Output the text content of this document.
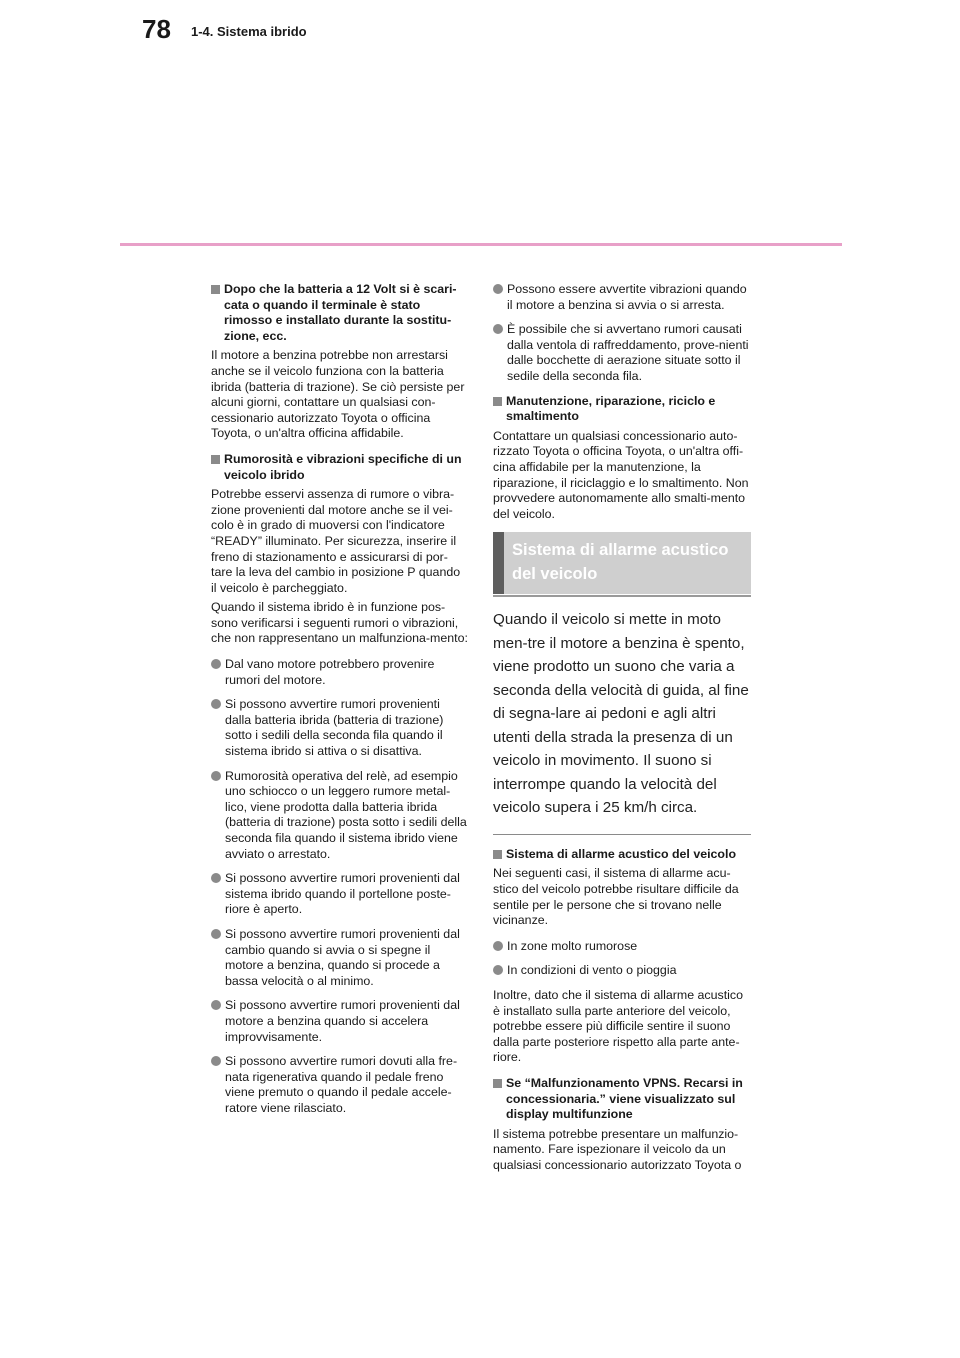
78 1-4. Sistema ibrido
Dopo che la batteria a 12 Volt si è scari-cata o quando il terminale è stato rimosso e installato durante la sostitu-zione, ecc.
Il motore a benzina potrebbe non arrestarsi anche se il veicolo funziona con la batteria ibrida (batteria di trazione). Se ciò persiste per alcuni giorni, contattare un qualsiasi con-cessionario autorizzato Toyota o officina Toyota, o un'altra officina affidabile.
Rumorosità e vibrazioni specifiche di un veicolo ibrido
Potrebbe esservi assenza di rumore o vibra-zione provenienti dal motore anche se il vei-colo è in grado di muoversi con l'indicatore “READY” illuminato. Per sicurezza, inserire il freno di stazionamento e assicurarsi di por-tare la leva del cambio in posizione P quando il veicolo è parcheggiato.
Quando il sistema ibrido è in funzione pos-sono verificarsi i seguenti rumori o vibrazioni, che non rappresentano un malfunziona-mento:
Dal vano motore potrebbero provenire rumori del motore.
Si possono avvertire rumori provenienti dalla batteria ibrida (batteria di trazione) sotto i sedili della seconda fila quando il sistema ibrido si attiva o si disattiva.
Rumorosità operativa del relè, ad esempio uno schiocco o un leggero rumore metal-lico, viene prodotta dalla batteria ibrida (batteria di trazione) posta sotto i sedili della seconda fila quando il sistema ibrido viene avviato o arrestato.
Si possono avvertire rumori provenienti dal sistema ibrido quando il portellone poste-riore è aperto.
Si possono avvertire rumori provenienti dal cambio quando si avvia o si spegne il motore a benzina, quando si procede a bassa velocità o al minimo.
Si possono avvertire rumori provenienti dal motore a benzina quando si accelera improvvisamente.
Si possono avvertire rumori dovuti alla fre-nata rigenerativa quando il pedale freno viene premuto o quando il pedale accele-ratore viene rilasciato.
Possono essere avvertite vibrazioni quando il motore a benzina si avvia o si arresta.
È possibile che si avvertano rumori causati dalla ventola di raffreddamento, prove-nienti dalle bocchette di aerazione situate sotto il sedile della seconda fila.
Manutenzione, riparazione, riciclo e smaltimento
Contattare un qualsiasi concessionario auto-rizzato Toyota o officina Toyota, o un'altra offi-cina affidabile per la manutenzione, la riparazione, il riciclaggio e lo smaltimento. Non provvedere autonomamente allo smalti-mento del veicolo.
Sistema di allarme acustico del veicolo
Quando il veicolo si mette in moto men-tre il motore a benzina è spento, viene prodotto un suono che varia a seconda della velocità di guida, al fine di segna-lare ai pedoni e agli altri utenti della strada la presenza di un veicolo in movimento. Il suono si interrompe quando la velocità del veicolo supera i 25 km/h circa.
Sistema di allarme acustico del veicolo
Nei seguenti casi, il sistema di allarme acu-stico del veicolo potrebbe risultare difficile da sentile per le persone che si trovano nelle vicinanze.
In zone molto rumorose
In condizioni di vento o pioggia
Inoltre, dato che il sistema di allarme acustico è installato sulla parte anteriore del veicolo, potrebbe essere più difficile sentire il suono dalla parte posteriore rispetto alla parte ante-riore.
Se “Malfunzionamento VPNS. Recarsi in concessionaria.” viene visualizzato sul display multifunzione
Il sistema potrebbe presentare un malfunzio-namento. Fare ispezionare il veicolo da un qualsiasi concessionario autorizzato Toyota o
